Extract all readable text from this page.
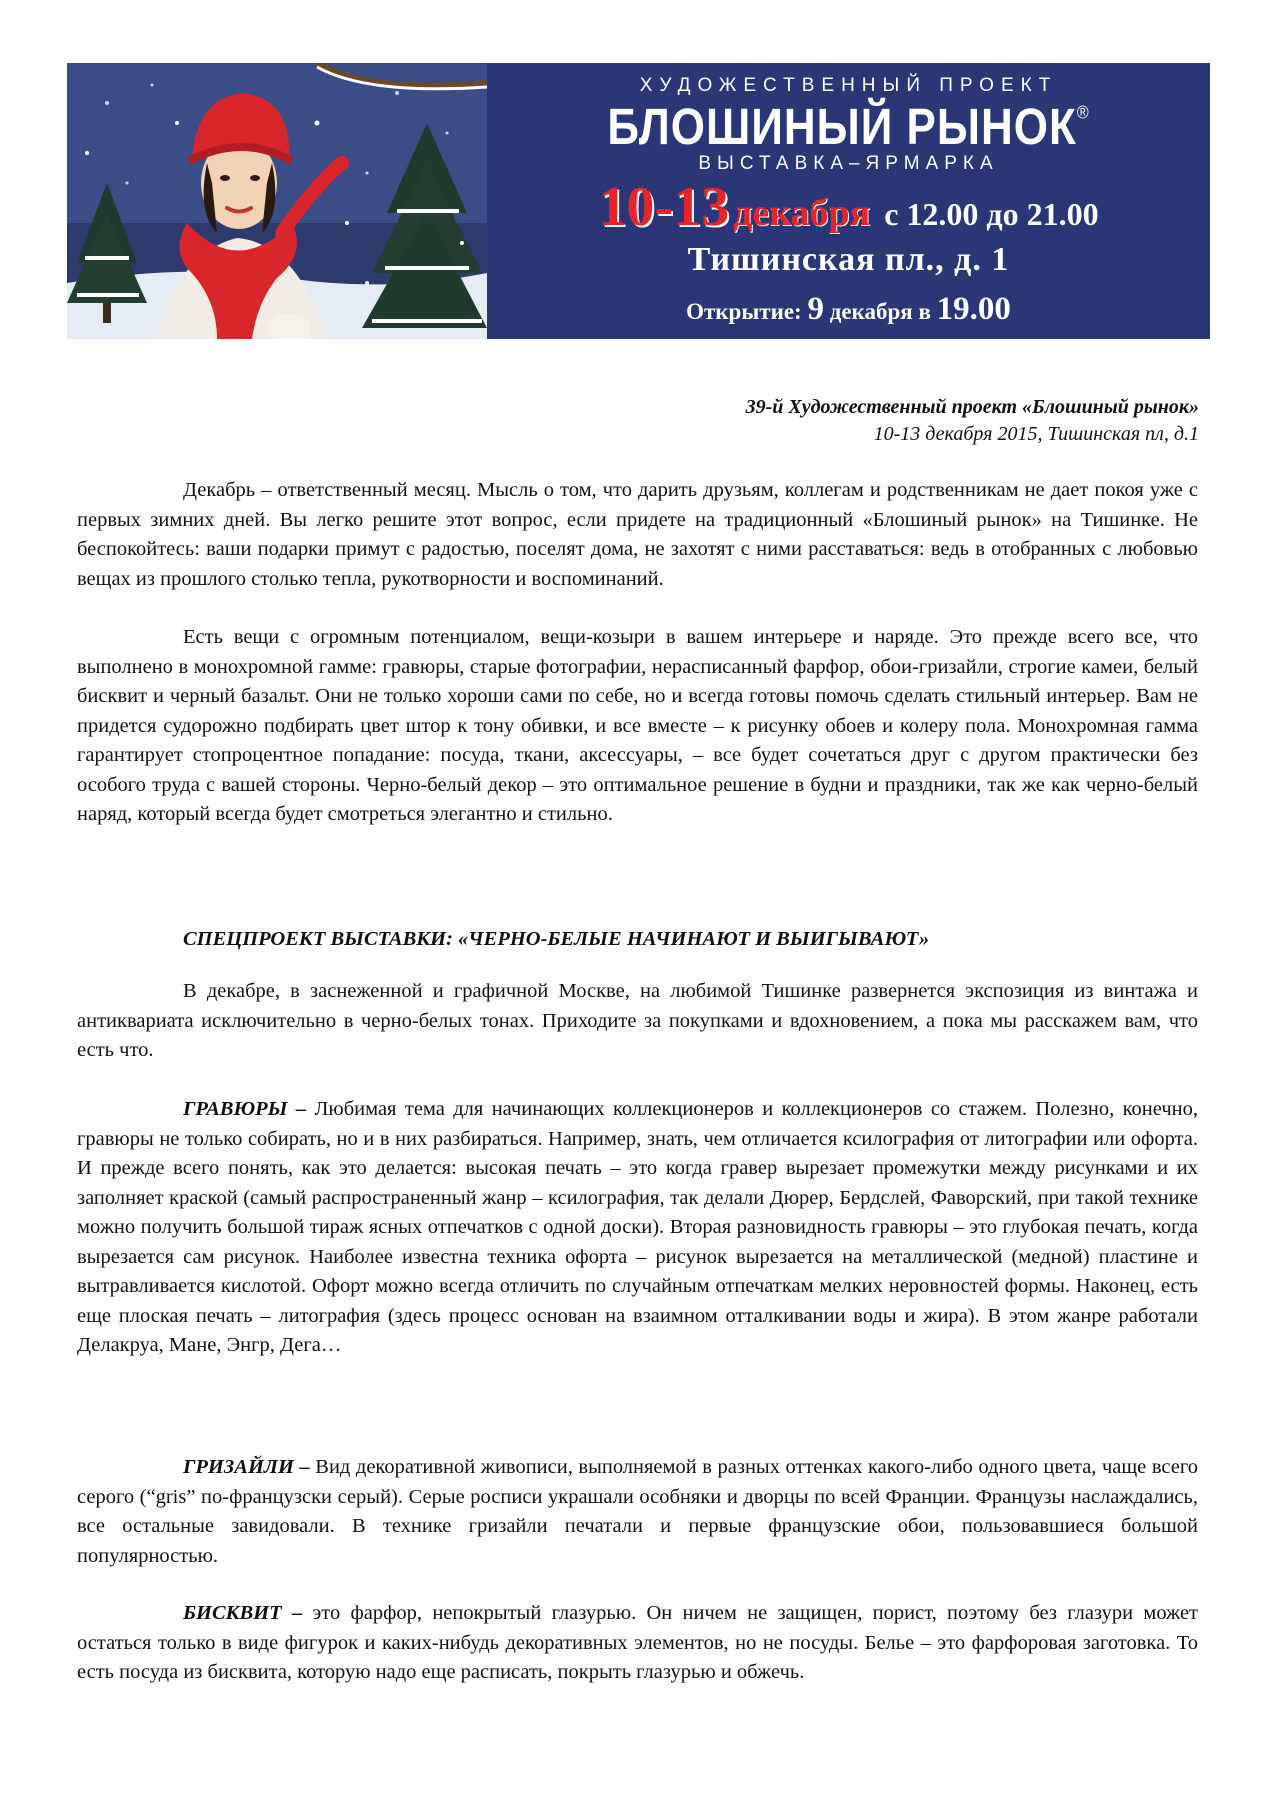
ХУДОЖЕСТВЕННЫЙ ПРОЕКТ
БЛОШИНЫЙ РЫНОК®
ВЫСТАВКА–ЯРМАРКА
10-13 декабря с 12.00 до 21.00
Тишинская пл., д. 1
Открытие: 9 декабря в 19.00
39-й Художественный проект «Блошиный рынок»
10-13 декабря 2015, Тишинская пл, д.1

Декабрь – ответственный месяц. Мысль о том, что дарить друзьям, коллегам и родственникам не дает покоя уже с первых зимних дней. Вы легко решите этот вопрос, если придете на традиционный «Блошиный рынок» на Тишинке. Не беспокойтесь: ваши подарки примут с радостью, поселят дома, не захотят с ними расставаться: ведь в отобранных с любовью вещах из прошлого столько тепла, рукотворности и воспоминаний.

Есть вещи с огромным потенциалом, вещи-козыри в вашем интерьере и наряде. Это прежде всего все, что выполнено в монохромной гамме: гравюры, старые фотографии, нерасписанный фарфор, обои-гризайли, строгие камеи, белый бисквит и черный базальт. Они не только хороши сами по себе, но и всегда готовы помочь сделать стильный интерьер. Вам не придется судорожно подбирать цвет штор к тону обивки, и все вместе – к рисунку обоев и колеру пола. Монохромная гамма гарантирует стопроцентное попадание: посуда, ткани, аксессуары, – все будет сочетаться друг с другом практически без особого труда с вашей стороны. Черно-белый декор – это оптимальное решение в будни и праздники, так же как черно-белый наряд, который всегда будет смотреться элегантно и стильно.

СПЕЦПРОЕКТ ВЫСТАВКИ: «ЧЕРНО-БЕЛЫЕ НАЧИНАЮТ И ВЫИГЫВАЮТ»

В декабре, в заснеженной и графичной Москве, на любимой Тишинке развернется экспозиция из винтажа и антиквариата исключительно в черно-белых тонах. Приходите за покупками и вдохновением, а пока мы расскажем вам, что есть что.

ГРАВЮРЫ – Любимая тема для начинающих коллекционеров и коллекционеров со стажем. Полезно, конечно, гравюры не только собирать, но и в них разбираться. Например, знать, чем отличается ксилография от литографии или офорта. И прежде всего понять, как это делается: высокая печать – это когда гравер вырезает промежутки между рисунками и их заполняет краской (самый распространенный жанр – ксилография, так делали Дюрер, Бердслей, Фаворский, при такой технике можно получить большой тираж ясных отпечатков с одной доски). Вторая разновидность гравюры – это глубокая печать, когда вырезается сам рисунок. Наиболее известна техника офорта – рисунок вырезается на металлической (медной) пластине и вытравливается кислотой. Офорт можно всегда отличить по случайным отпечаткам мелких неровностей формы. Наконец, есть еще плоская печать – литография (здесь процесс основан на взаимном отталкивании воды и жира). В этом жанре работали Делакруа, Мане, Энгр, Дега…

ГРИЗАЙЛИ – Вид декоративной живописи, выполняемой в разных оттенках какого-либо одного цвета, чаще всего серого (“gris” по-французски серый). Серые росписи украшали особняки и дворцы по всей Франции. Французы наслаждались, все остальные завидовали. В технике гризайли печатали и первые французские обои, пользовавшиеся большой популярностью.

БИСКВИТ – это фарфор, непокрытый глазурью. Он ничем не защищен, порист, поэтому без глазури может остаться только в виде фигурок и каких-нибудь декоративных элементов, но не посуды. Белье – это фарфоровая заготовка. То есть посуда из бисквита, которую надо еще расписать, покрыть глазурью и обжечь.
